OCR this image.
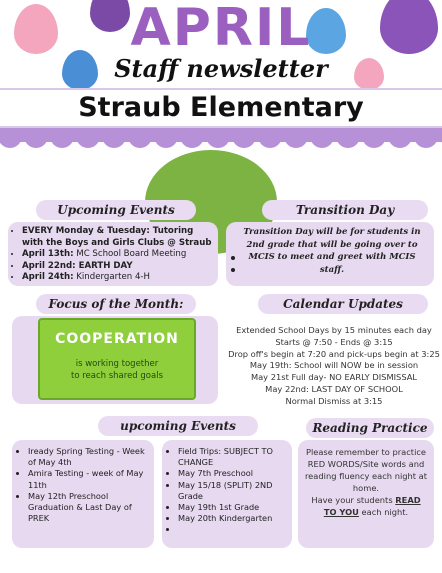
APRIL
Staff newsletter
Straub Elementary
Upcoming Events
• EVERY Monday & Tuesday: Tutoring with the Boys and Girls Clubs @ Straub
• April 13th: MC School Board Meeting
• April 22nd: EARTH DAY
• April 24th: Kindergarten 4-H
Transition Day
Transition Day will be for students in 2nd grade that will be going over to MCIS to meet and greet with MCIS staff.
Focus of the Month:
COOPERATION
is working together
to reach shared goals
Calendar Updates
Extended School Days by 15 minutes each day
Starts @ 7:50 - Ends @ 3:15
Drop off's begin at 7:20 and pick-ups begin at 3:25
May 19th: School will NOW be in session
May 21st Full day- NO EARLY DISMISSAL
May 22nd: LAST DAY OF SCHOOL
Normal Dismiss at 3:15
upcoming Events
• Iready Spring Testing - Week of May 4th
• Amira Testing - week of May 11th
• May 12th Preschool Graduation & Last Day of PREK
• Field Trips: SUBJECT TO CHANGE
• May 7th Preschool
• May 15/18 (SPLIT) 2ND Grade
• May 19th 1st Grade
• May 20th Kindergarten
•
Reading Practice
Please remember to practice RED WORDS/Site words and reading fluency each night at home.
Have your students READ TO YOU each night.
